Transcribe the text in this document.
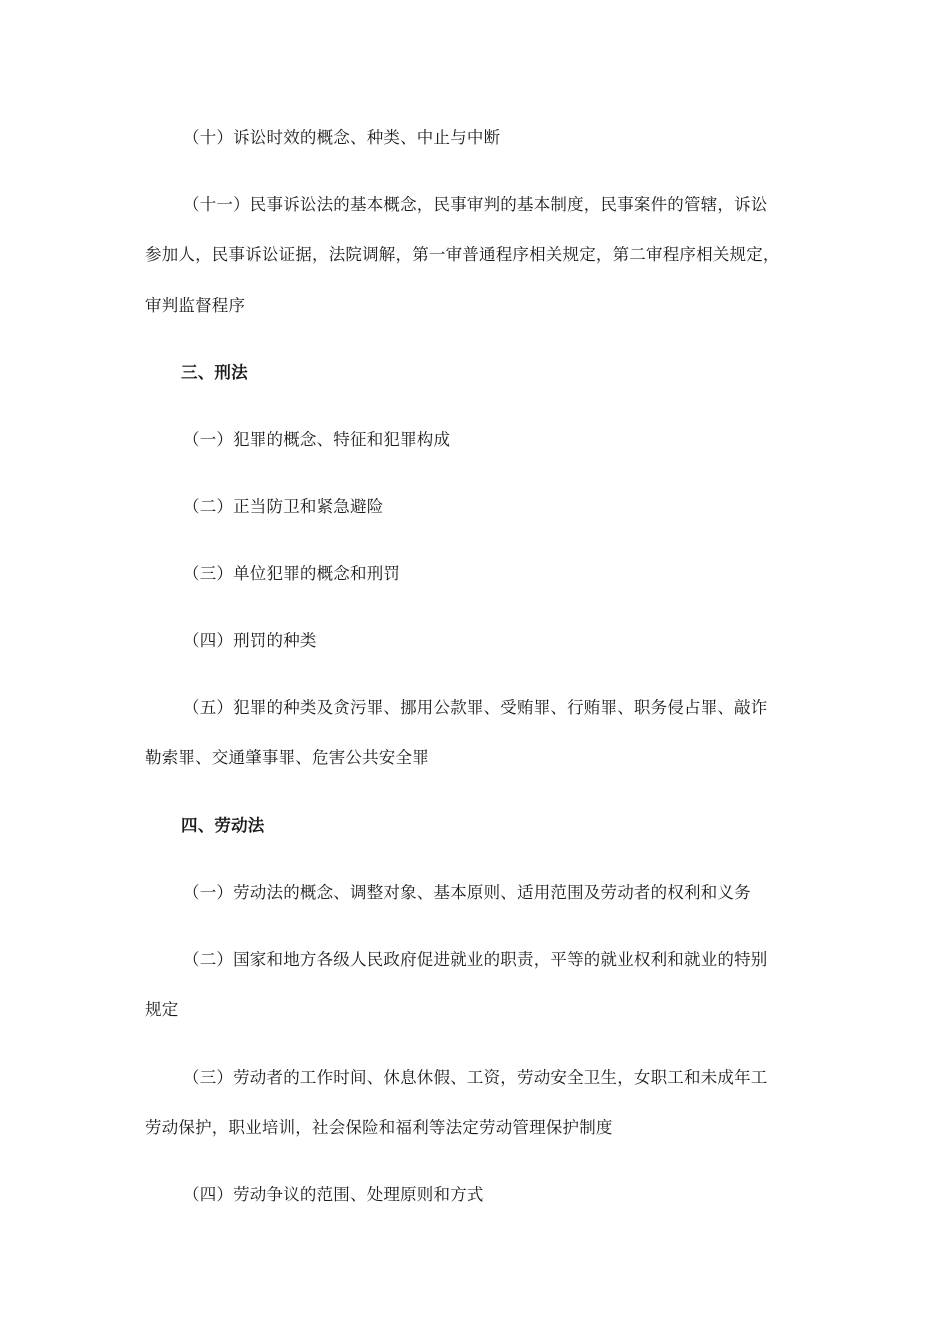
（十）诉讼时效的概念、种类、中止与中断
（十一）民事诉讼法的基本概念，民事审判的基本制度，民事案件的管辖，诉讼
参加人，民事诉讼证据，法院调解，第一审普通程序相关规定，第二审程序相关规定，
审判监督程序
三、刑法
（一）犯罪的概念、特征和犯罪构成
（二）正当防卫和紧急避险
（三）单位犯罪的概念和刑罚
（四）刑罚的种类
（五）犯罪的种类及贪污罪、挪用公款罪、受贿罪、行贿罪、职务侵占罪、敲诈
勒索罪、交通肇事罪、危害公共安全罪
四、劳动法
（一）劳动法的概念、调整对象、基本原则、适用范围及劳动者的权利和义务
（二）国家和地方各级人民政府促进就业的职责，平等的就业权利和就业的特别
规定
（三）劳动者的工作时间、休息休假、工资，劳动安全卫生，女职工和未成年工
劳动保护，职业培训，社会保险和福利等法定劳动管理保护制度
（四）劳动争议的范围、处理原则和方式
